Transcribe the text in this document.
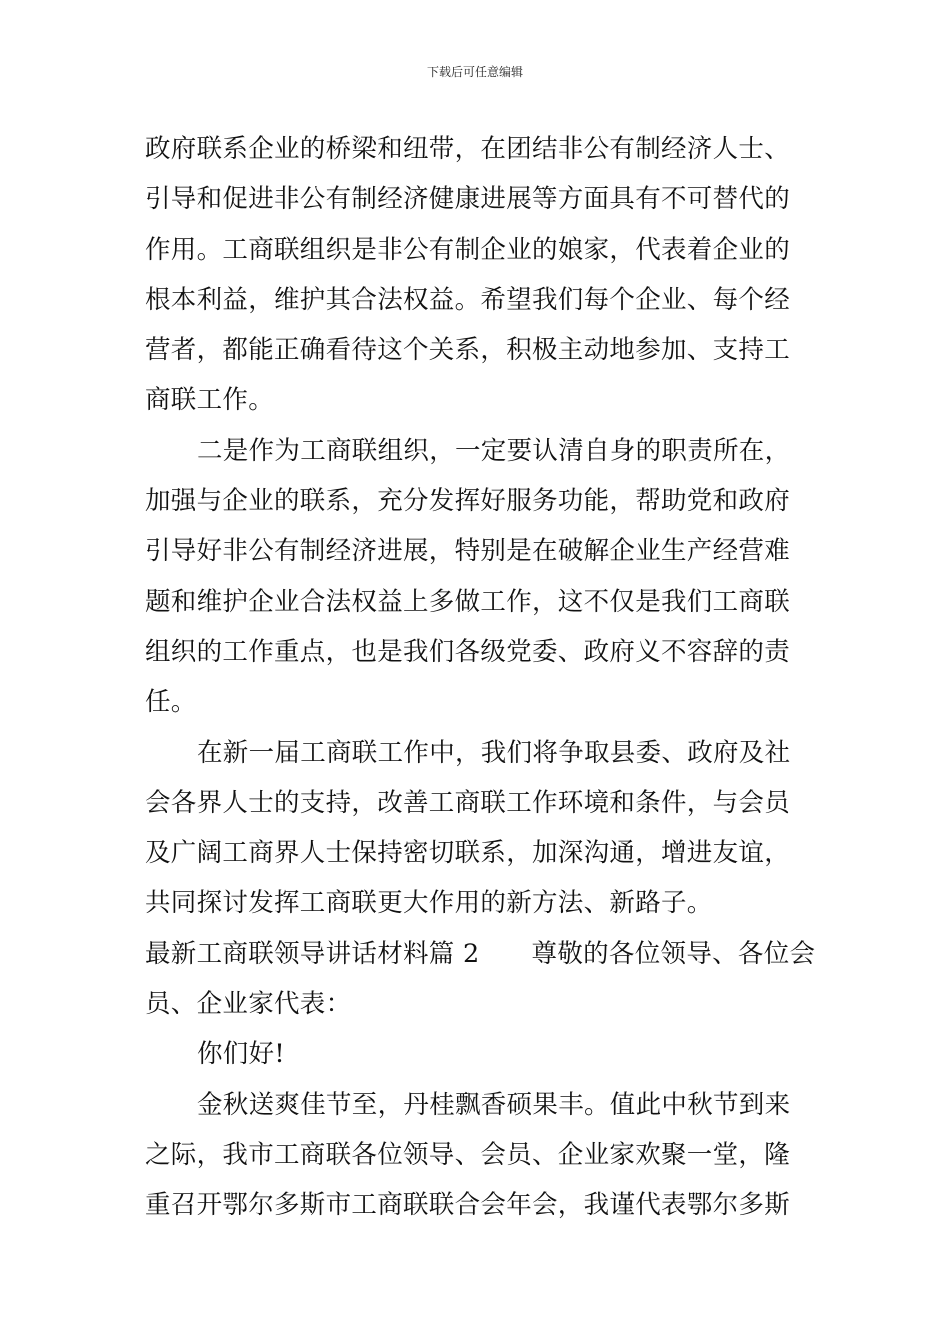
下载后可任意编辑
政府联系企业的桥梁和纽带，在团结非公有制经济人士、
引导和促进非公有制经济健康进展等方面具有不可替代的
作用。工商联组织是非公有制企业的娘家，代表着企业的
根本利益，维护其合法权益。希望我们每个企业、每个经
营者，都能正确看待这个关系，积极主动地参加、支持工
商联工作。
二是作为工商联组织，一定要认清自身的职责所在，
加强与企业的联系，充分发挥好服务功能，帮助党和政府
引导好非公有制经济进展，特别是在破解企业生产经营难
题和维护企业合法权益上多做工作，这不仅是我们工商联
组织的工作重点，也是我们各级党委、政府义不容辞的责
任。
在新一届工商联工作中，我们将争取县委、政府及社
会各界人士的支持，改善工商联工作环境和条件，与会员
及广阔工商界人士保持密切联系，加深沟通，增进友谊，
共同探讨发挥工商联更大作用的新方法、新路子。
最新工商联领导讲话材料篇 2 尊敬的各位领导、各位会
员、企业家代表：
你们好!
金秋送爽佳节至，丹桂飘香硕果丰。值此中秋节到来
之际，我市工商联各位领导、会员、企业家欢聚一堂，隆
重召开鄂尔多斯市工商联联合会年会，我谨代表鄂尔多斯
